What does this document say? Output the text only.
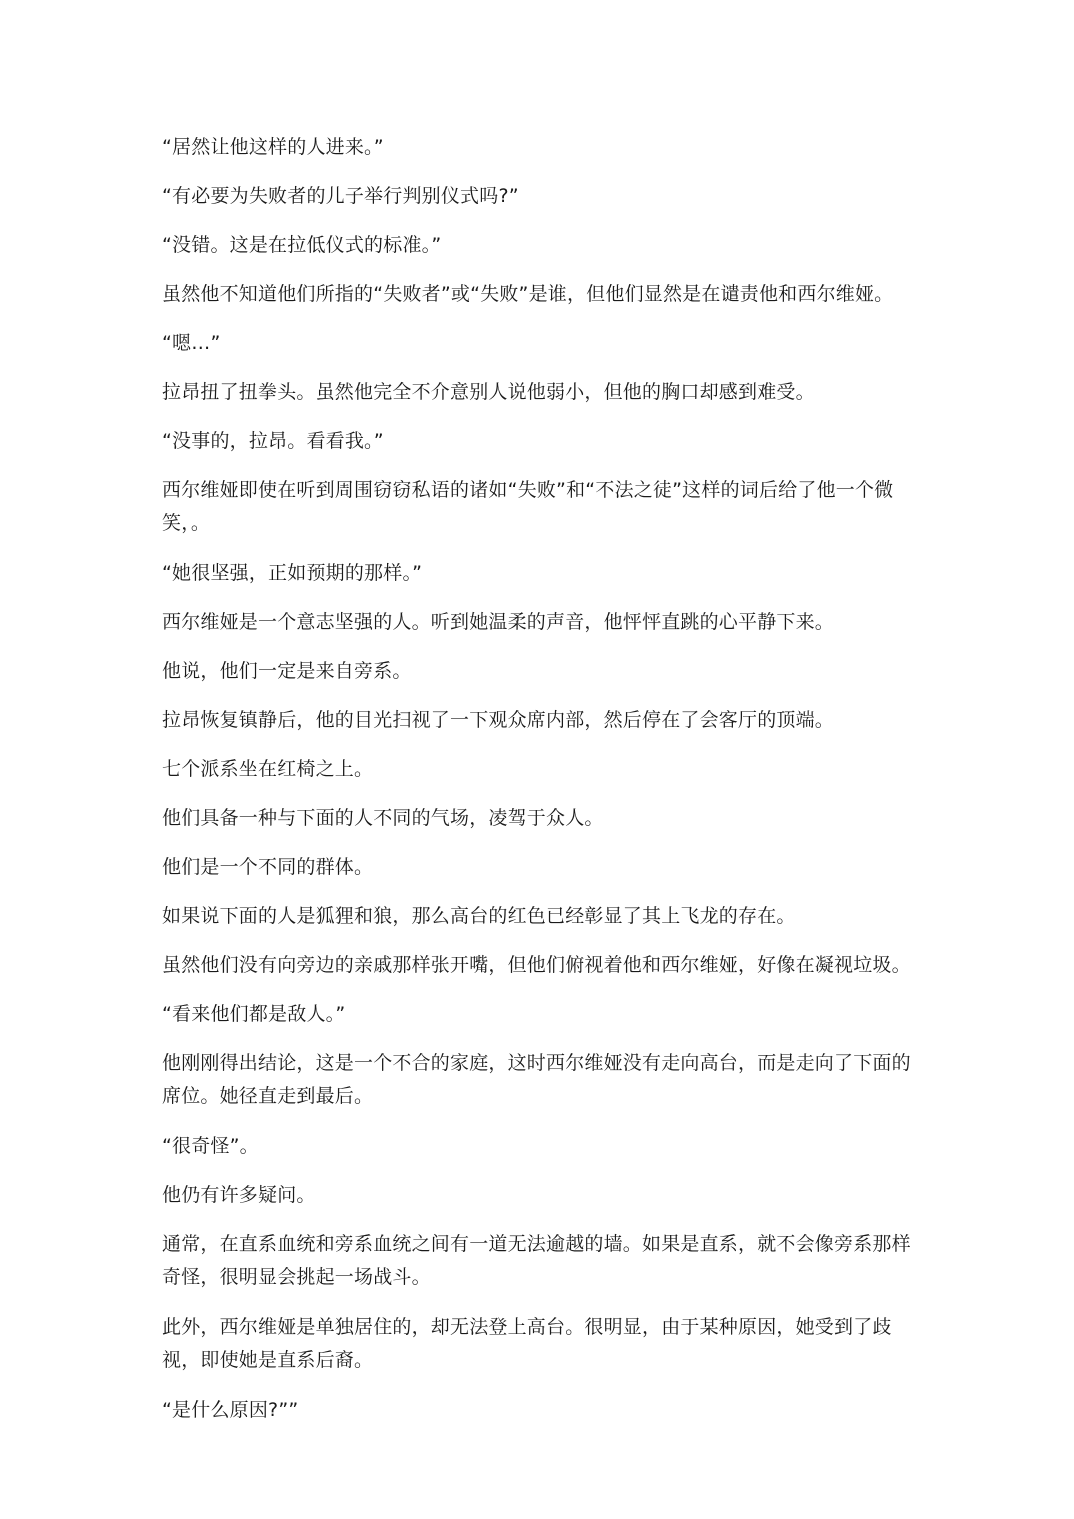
“居然让他这样的人进来。”

“有必要为失败者的儿子举行判别仪式吗?”

“没错。这是在拉低仪式的标准。”

虽然他不知道他们所指的“失败者”或“失败”是谁，但他们显然是在谴责他和西尔维娅。

“嗯…”

拉昂扭了扭拳头。虽然他完全不介意别人说他弱小，但他的胸口却感到难受。

“没事的，拉昂。看看我。”

西尔维娅即使在听到周围窃窃私语的诸如“失败”和“不法之徒”这样的词后给了他一个微笑，。

“她很坚强，正如预期的那样。”

西尔维娅是一个意志坚强的人。听到她温柔的声音，他怦怦直跳的心平静下来。

他说，他们一定是来自旁系。

拉昂恢复镇静后，他的目光扫视了一下观众席内部，然后停在了会客厅的顶端。

七个派系坐在红椅之上。

他们具备一种与下面的人不同的气场，凌驾于众人。

他们是一个不同的群体。

如果说下面的人是狐狸和狼，那么高台的红色已经彰显了其上飞龙的存在。

虽然他们没有向旁边的亲戚那样张开嘴，但他们俯视着他和西尔维娅，好像在凝视垃圾。

“看来他们都是敌人。”

他刚刚得出结论，这是一个不合的家庭，这时西尔维娅没有走向高台，而是走向了下面的席位。她径直走到最后。

“很奇怪”。

他仍有许多疑问。

通常，在直系血统和旁系血统之间有一道无法逾越的墙。如果是直系，就不会像旁系那样奇怪，很明显会挑起一场战斗。

此外，西尔维娅是单独居住的，却无法登上高台。很明显，由于某种原因，她受到了歧视，即使她是直系后裔。

“是什么原因?””
